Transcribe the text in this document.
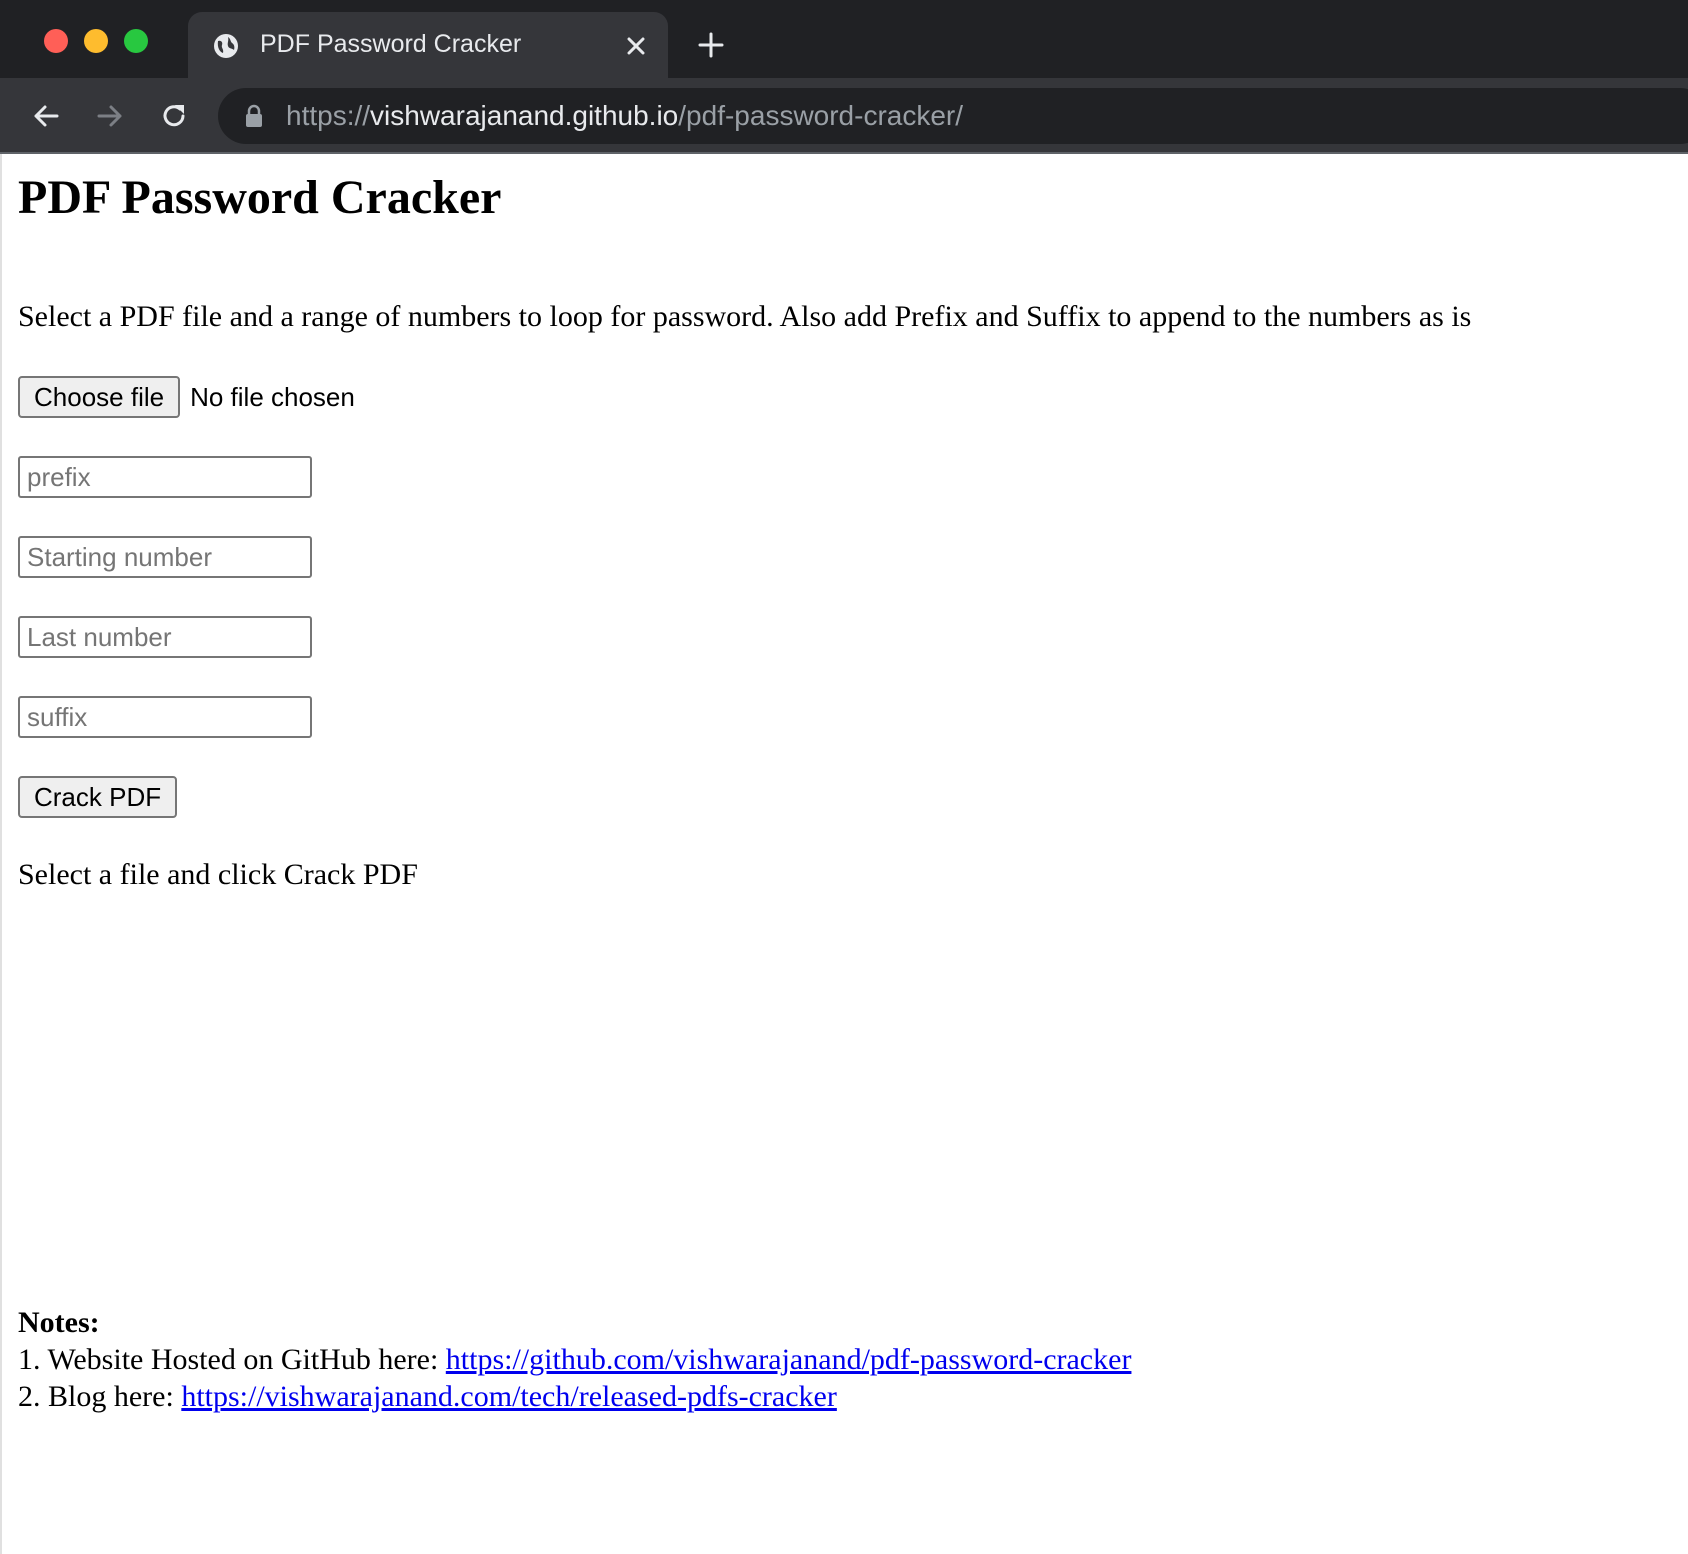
PDF Password Cracker
https://vishwarajanand.github.io/pdf-password-cracker/
PDF Password Cracker

Select a PDF file and a range of numbers to loop for password. Also add Prefix and Suffix to append to the numbers as is

Choose file	No file chosen
prefix
Starting number
Last number
suffix
Crack PDF

Select a file and click Crack PDF

Notes:
1. Website Hosted on GitHub here: https://github.com/vishwarajanand/pdf-password-cracker
2. Blog here: https://vishwarajanand.com/tech/released-pdfs-cracker
